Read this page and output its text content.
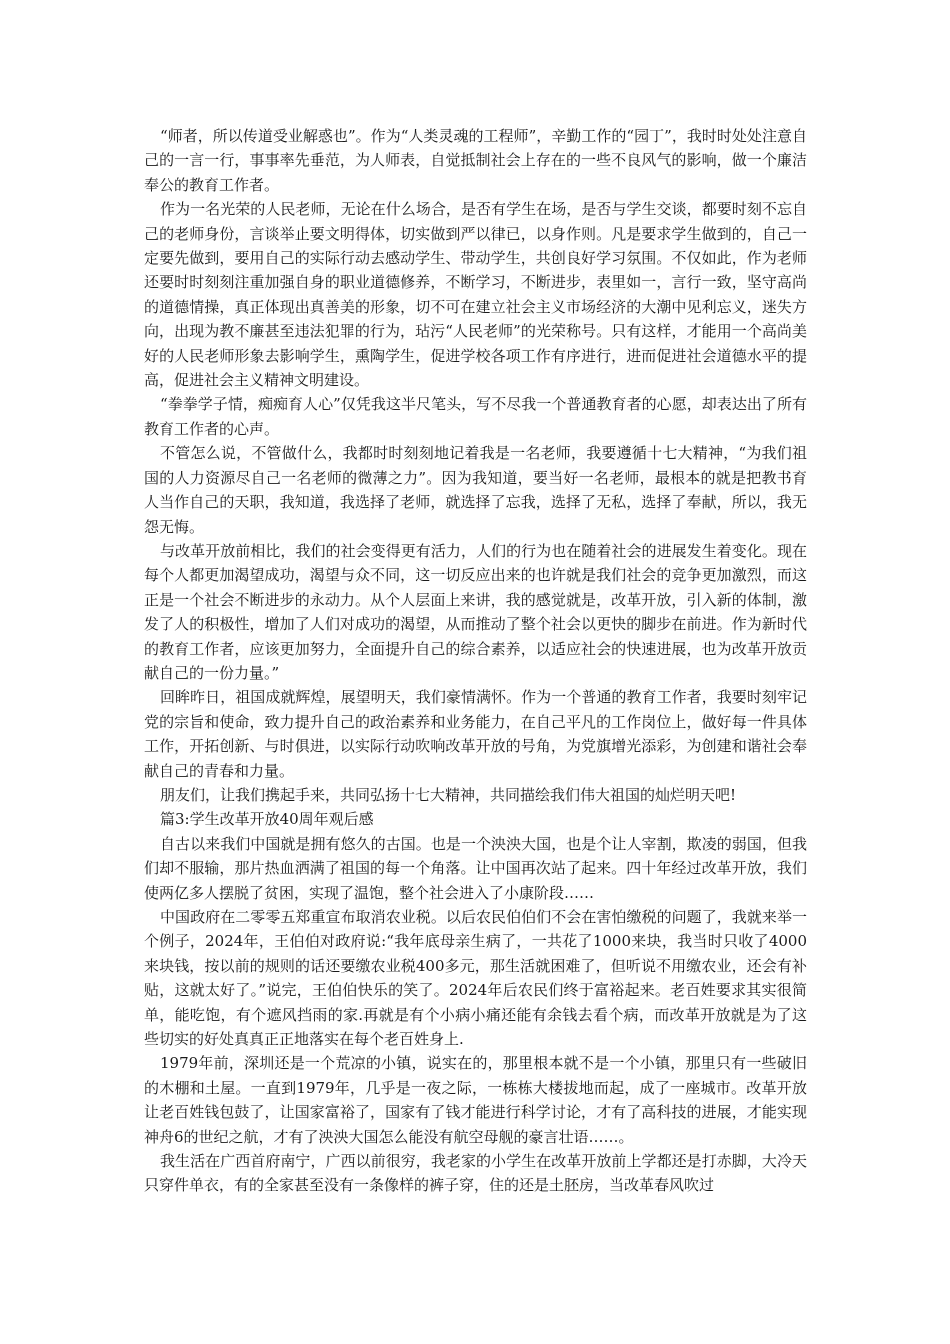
“师者，所以传道受业解惑也”。作为“人类灵魂的工程师”，辛勤工作的“园丁”，我时时处处注意自己的一言一行，事事率先垂范，为人师表，自觉抵制社会上存在的一些不良风气的影响，做一个廉洁奉公的教育工作者。

作为一名光荣的人民老师，无论在什么场合，是否有学生在场，是否与学生交谈，都要时刻不忘自己的老师身份，言谈举止要文明得体，切实做到严以律已，以身作则。凡是要求学生做到的，自己一定要先做到，要用自己的实际行动去感动学生、带动学生，共创良好学习氛围。不仅如此，作为老师还要时时刻刻注重加强自身的职业道德修养，不断学习，不断进步，表里如一，言行一致，坚守高尚的道德情操，真正体现出真善美的形象，切不可在建立社会主义市场经济的大潮中见利忘义，迷失方向，出现为教不廉甚至违法犯罪的行为，玷污“人民老师”的光荣称号。只有这样，才能用一个高尚美好的人民老师形象去影响学生，熏陶学生，促进学校各项工作有序进行，进而促进社会道德水平的提高，促进社会主义精神文明建设。

“拳拳学子情，痴痴育人心”仅凭我这半尺笔头，写不尽我一个普通教育者的心愿，却表达出了所有教育工作者的心声。

不管怎么说，不管做什么，我都时时刻刻地记着我是一名老师，我要遵循十七大精神，“为我们祖国的人力资源尽自己一名老师的微薄之力”。因为我知道，要当好一名老师，最根本的就是把教书育人当作自己的天职，我知道，我选择了老师，就选择了忘我，选择了无私，选择了奉献，所以，我无怨无悔。

与改革开放前相比，我们的社会变得更有活力，人们的行为也在随着社会的进展发生着变化。现在每个人都更加渴望成功，渴望与众不同，这一切反应出来的也许就是我们社会的竞争更加激烈，而这正是一个社会不断进步的永动力。从个人层面上来讲，我的感觉就是，改革开放，引入新的体制，激发了人的积极性，增加了人们对成功的渴望，从而推动了整个社会以更快的脚步在前进。作为新时代的教育工作者，应该更加努力，全面提升自己的综合素养，以适应社会的快速进展，也为改革开放贡献自己的一份力量。”

回眸昨日，祖国成就辉煌，展望明天，我们豪情满怀。作为一个普通的教育工作者，我要时刻牢记党的宗旨和使命，致力提升自己的政治素养和业务能力，在自己平凡的工作岗位上，做好每一件具体工作，开拓创新、与时俱进，以实际行动吹响改革开放的号角，为党旗增光添彩，为创建和谐社会奉献自己的青春和力量。

朋友们，让我们携起手来，共同弘扬十七大精神，共同描绘我们伟大祖国的灿烂明天吧!

篇3:学生改革开放40周年观后感

自古以来我们中国就是拥有悠久的古国。也是一个泱泱大国，也是个让人宰割，欺凌的弱国，但我们却不服输，那片热血洒满了祖国的每一个角落。让中国再次站了起来。四十年经过改革开放，我们使两亿多人摆脱了贫困，实现了温饱，整个社会进入了小康阶段……

中国政府在二零零五郑重宣布取消农业税。以后农民伯伯们不会在害怕缴税的问题了，我就来举一个例子，2024年，王伯伯对政府说:“我年底母亲生病了，一共花了1000来块，我当时只收了4000来块钱，按以前的规则的话还要缴农业税400多元，那生活就困难了，但听说不用缴农业，还会有补贴，这就太好了。”说完，王伯伯快乐的笑了。2024年后农民们终于富裕起来。老百姓要求其实很简单，能吃饱，有个遮风挡雨的家.再就是有个小病小痛还能有余钱去看个病，而改革开放就是为了这些切实的好处真真正正地落实在每个老百姓身上.

1979年前，深圳还是一个荒凉的小镇，说实在的，那里根本就不是一个小镇，那里只有一些破旧的木棚和土屋。一直到1979年，几乎是一夜之际，一栋栋大楼拔地而起，成了一座城市。改革开放让老百姓钱包鼓了，让国家富裕了，国家有了钱才能进行科学讨论，才有了高科技的进展，才能实现神舟6的世纪之航，才有了泱泱大国怎么能没有航空母舰的豪言壮语……。

我生活在广西首府南宁，广西以前很穷，我老家的小学生在改革开放前上学都还是打赤脚，大冷天只穿件单衣，有的全家甚至没有一条像样的裤子穿，住的还是土胚房，当改革春风吹过
